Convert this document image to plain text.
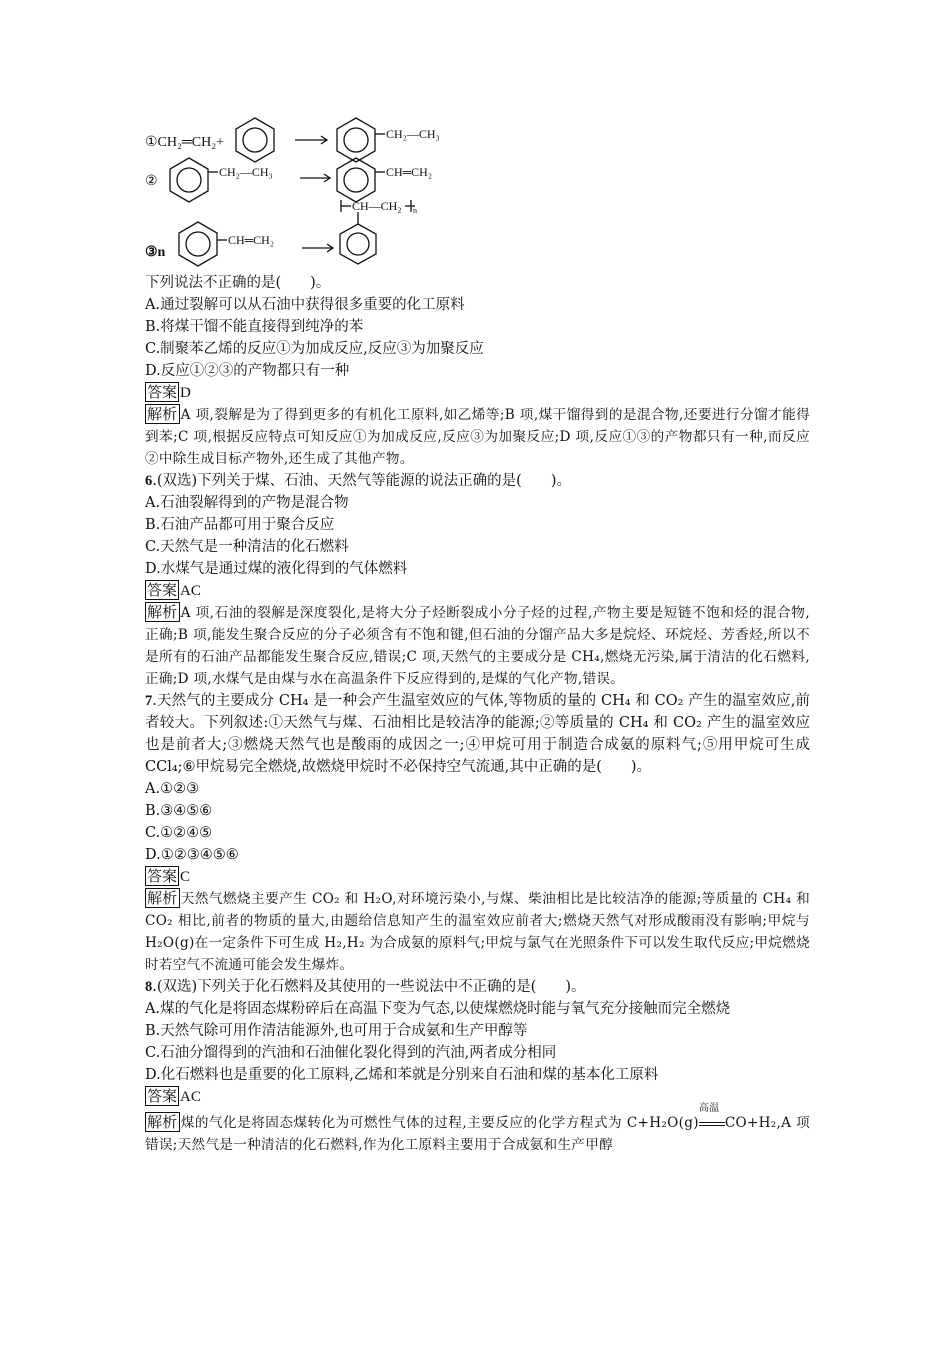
①CH₂═CH₂+
CH₂—CH₃
②
CH₂—CH₃	CH═CH₂
③n
CH═CH₂
CH—CH₂ n
下列说法不正确的是(　　)。
A.通过裂解可以从石油中获得很多重要的化工原料
B.将煤干馏不能直接得到纯净的苯
C.制聚苯乙烯的反应①为加成反应,反应③为加聚反应
D.反应①②③的产物都只有一种
答案 D
解析 A 项,裂解是为了得到更多的有机化工原料,如乙烯等;B 项,煤干馏得到的是混合物,还要进行分馏才能得到苯;C 项,根据反应特点可知反应①为加成反应,反应③为加聚反应;D 项,反应①③的产物都只有一种,而反应②中除生成目标产物外,还生成了其他产物。
6.(双选)下列关于煤、石油、天然气等能源的说法正确的是(　　)。
A.石油裂解得到的产物是混合物
B.石油产品都可用于聚合反应
C.天然气是一种清洁的化石燃料
D.水煤气是通过煤的液化得到的气体燃料
答案 AC
解析 A 项,石油的裂解是深度裂化,是将大分子烃断裂成小分子烃的过程,产物主要是短链不饱和烃的混合物,正确;B 项,能发生聚合反应的分子必须含有不饱和键,但石油的分馏产品大多是烷烃、环烷烃、芳香烃,所以不是所有的石油产品都能发生聚合反应,错误;C 项,天然气的主要成分是 CH₄,燃烧无污染,属于清洁的化石燃料,正确;D 项,水煤气是由煤与水在高温条件下反应得到的,是煤的气化产物,错误。
7.天然气的主要成分 CH₄ 是一种会产生温室效应的气体,等物质的量的 CH₄ 和 CO₂ 产生的温室效应,前者较大。下列叙述:①天然气与煤、石油相比是较洁净的能源;②等质量的 CH₄ 和 CO₂ 产生的温室效应也是前者大;③燃烧天然气也是酸雨的成因之一;④甲烷可用于制造合成氨的原料气;⑤用甲烷可生成 CCl₄;⑥甲烷易完全燃烧,故燃烧甲烷时不必保持空气流通,其中正确的是(　　)。
A.①②③
B.③④⑤⑥
C.①②④⑤
D.①②③④⑤⑥
答案 C
解析 天然气燃烧主要产生 CO₂ 和 H₂O,对环境污染小,与煤、柴油相比是比较洁净的能源;等质量的 CH₄ 和 CO₂ 相比,前者的物质的量大,由题给信息知产生的温室效应前者大;燃烧天然气对形成酸雨没有影响;甲烷与 H₂O(g)在一定条件下可生成 H₂,H₂ 为合成氨的原料气;甲烷与氯气在光照条件下可以发生取代反应;甲烷燃烧时若空气不流通可能会发生爆炸。
8.(双选)下列关于化石燃料及其使用的一些说法中不正确的是(　　)。
A.煤的气化是将固态煤粉碎后在高温下变为气态,以使煤燃烧时能与氧气充分接触而完全燃烧
B.天然气除可用作清洁能源外,也可用于合成氨和生产甲醇等
C.石油分馏得到的汽油和石油催化裂化得到的汽油,两者成分相同
D.化石燃料也是重要的化工原料,乙烯和苯就是分别来自石油和煤的基本化工原料
答案 AC
解析 煤的气化是将固态煤转化为可燃性气体的过程,主要反应的化学方程式为 C+H₂O(g)
高温
CO+H₂,A 项错误;天然气是一种清洁的化石燃料,作为化工原料主要用于合成氨和生产甲醇
